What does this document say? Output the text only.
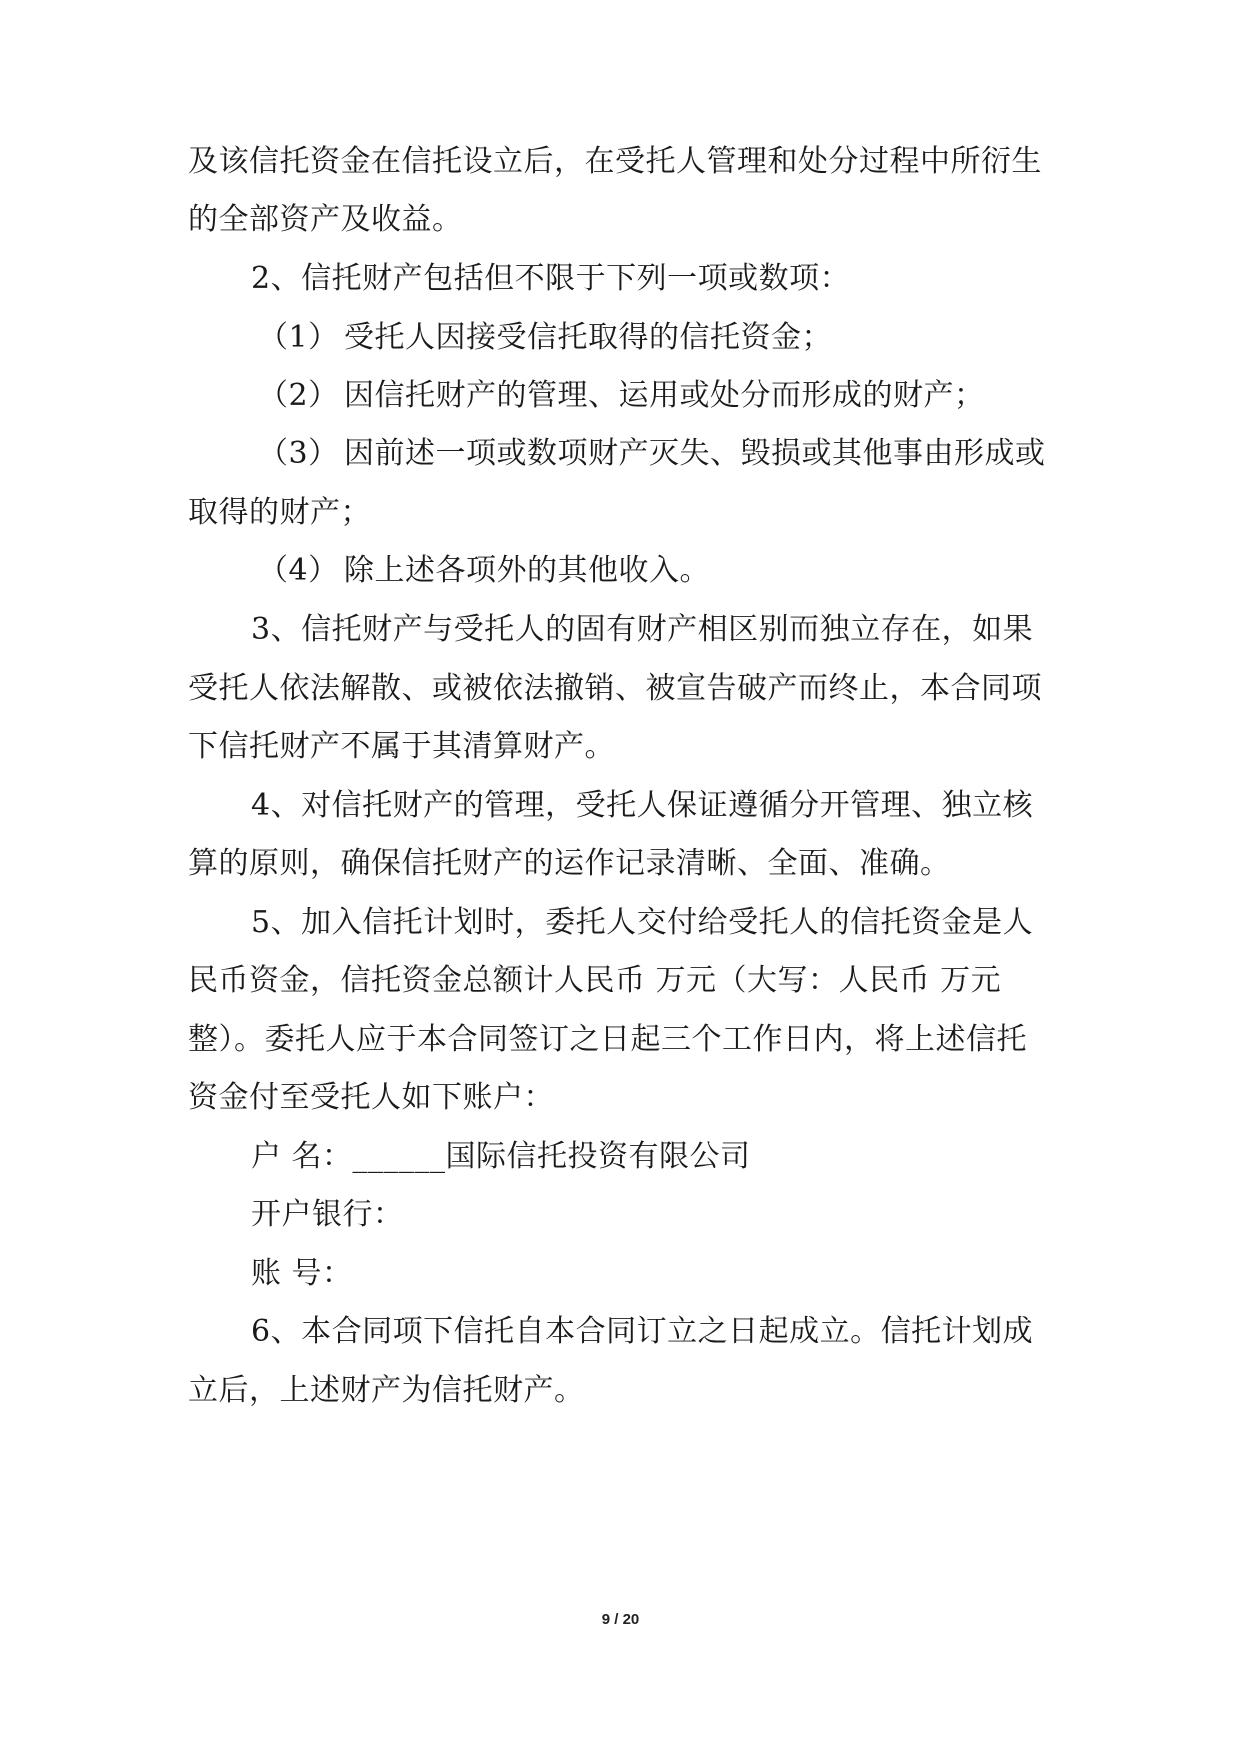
及该信托资金在信托设立后，在受托人管理和处分过程中所衍生
的全部资产及收益。
2、信托财产包括但不限于下列一项或数项：
（1） 受托人因接受信托取得的信托资金；
（2） 因信托财产的管理、运用或处分而形成的财产；
（3） 因前述一项或数项财产灭失、毁损或其他事由形成或
取得的财产；
（4） 除上述各项外的其他收入。
3、信托财产与受托人的固有财产相区别而独立存在，如果
受托人依法解散、或被依法撤销、被宣告破产而终止，本合同项
下信托财产不属于其清算财产。
4、对信托财产的管理，受托人保证遵循分开管理、独立核
算的原则，确保信托财产的运作记录清晰、全面、准确。
5、加入信托计划时，委托人交付给受托人的信托资金是人
民币资金，信托资金总额计人民币 万元（大写：人民币 万元
整）。委托人应于本合同签订之日起三个工作日内，将上述信托
资金付至受托人如下账户：
户 名：______国际信托投资有限公司
开户银行：
账 号：
6、本合同项下信托自本合同订立之日起成立。信托计划成
立后，上述财产为信托财产。
9 / 20
